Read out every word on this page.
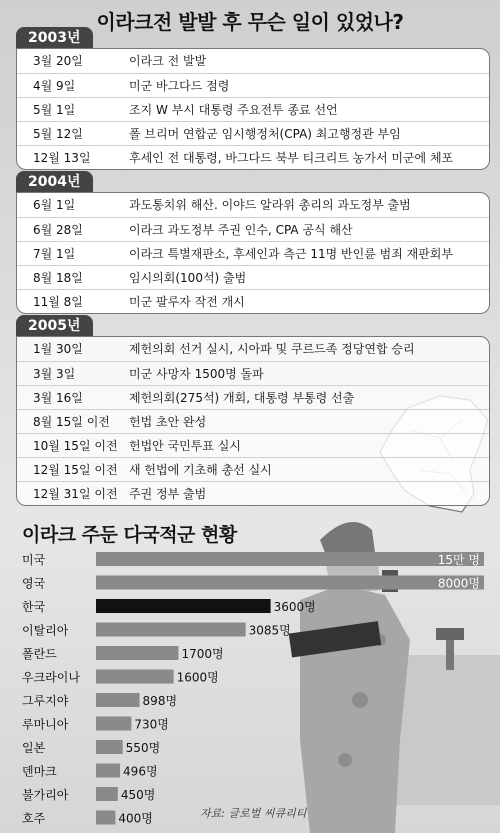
이라크전 발발 후 무슨 일이 있었나?
2003년
3월 20일	이라크 전 발발
4월 9일	미군 바그다드 점령
5월 1일	조지 W 부시 대통령 주요전투 종료 선언
5월 12일	폴 브리머 연합군 임시행정처(CPA) 최고행정관 부임
12월 13일	후세인 전 대통령, 바그다드 북부 티크리트 농가서 미군에 체포
2004년
6월 1일	과도통치위 해산. 이야드 알라위 총리의 과도정부 출범
6월 28일	이라크 과도정부 주권 인수, CPA 공식 해산
7월 1일	이라크 특별재판소, 후세인과 측근 11명 반인륜 범죄 재판회부
8월 18일	임시의회(100석) 출범
11월 8일	미군 팔루자 작전 개시
2005년
1월 30일	제헌의회 선거 실시, 시아파 및 쿠르드족 정당연합 승리
3월 3일	미군 사망자 1500명 돌파
3월 16일	제헌의회(275석) 개회, 대통령 부통령 선출
8월 15일 이전 헌법 초안 완성
10월 15일 이전 헌법안 국민투표 실시
12월 15일 이전 새 헌법에 기초해 총선 실시
12월 31일 이전 주권 정부 출범
이라크 주둔 다국적군 현황
미국	15만 명
영국	8000명
한국	3600명
이탈리아	3085명
폴란드	1700명
우크라이나	1600명
그루지야	898명
루마니아	730명
일본	550명
덴마크	496명
불가리아	450명
호주	400명	자료: 글로벌 씨큐리티
